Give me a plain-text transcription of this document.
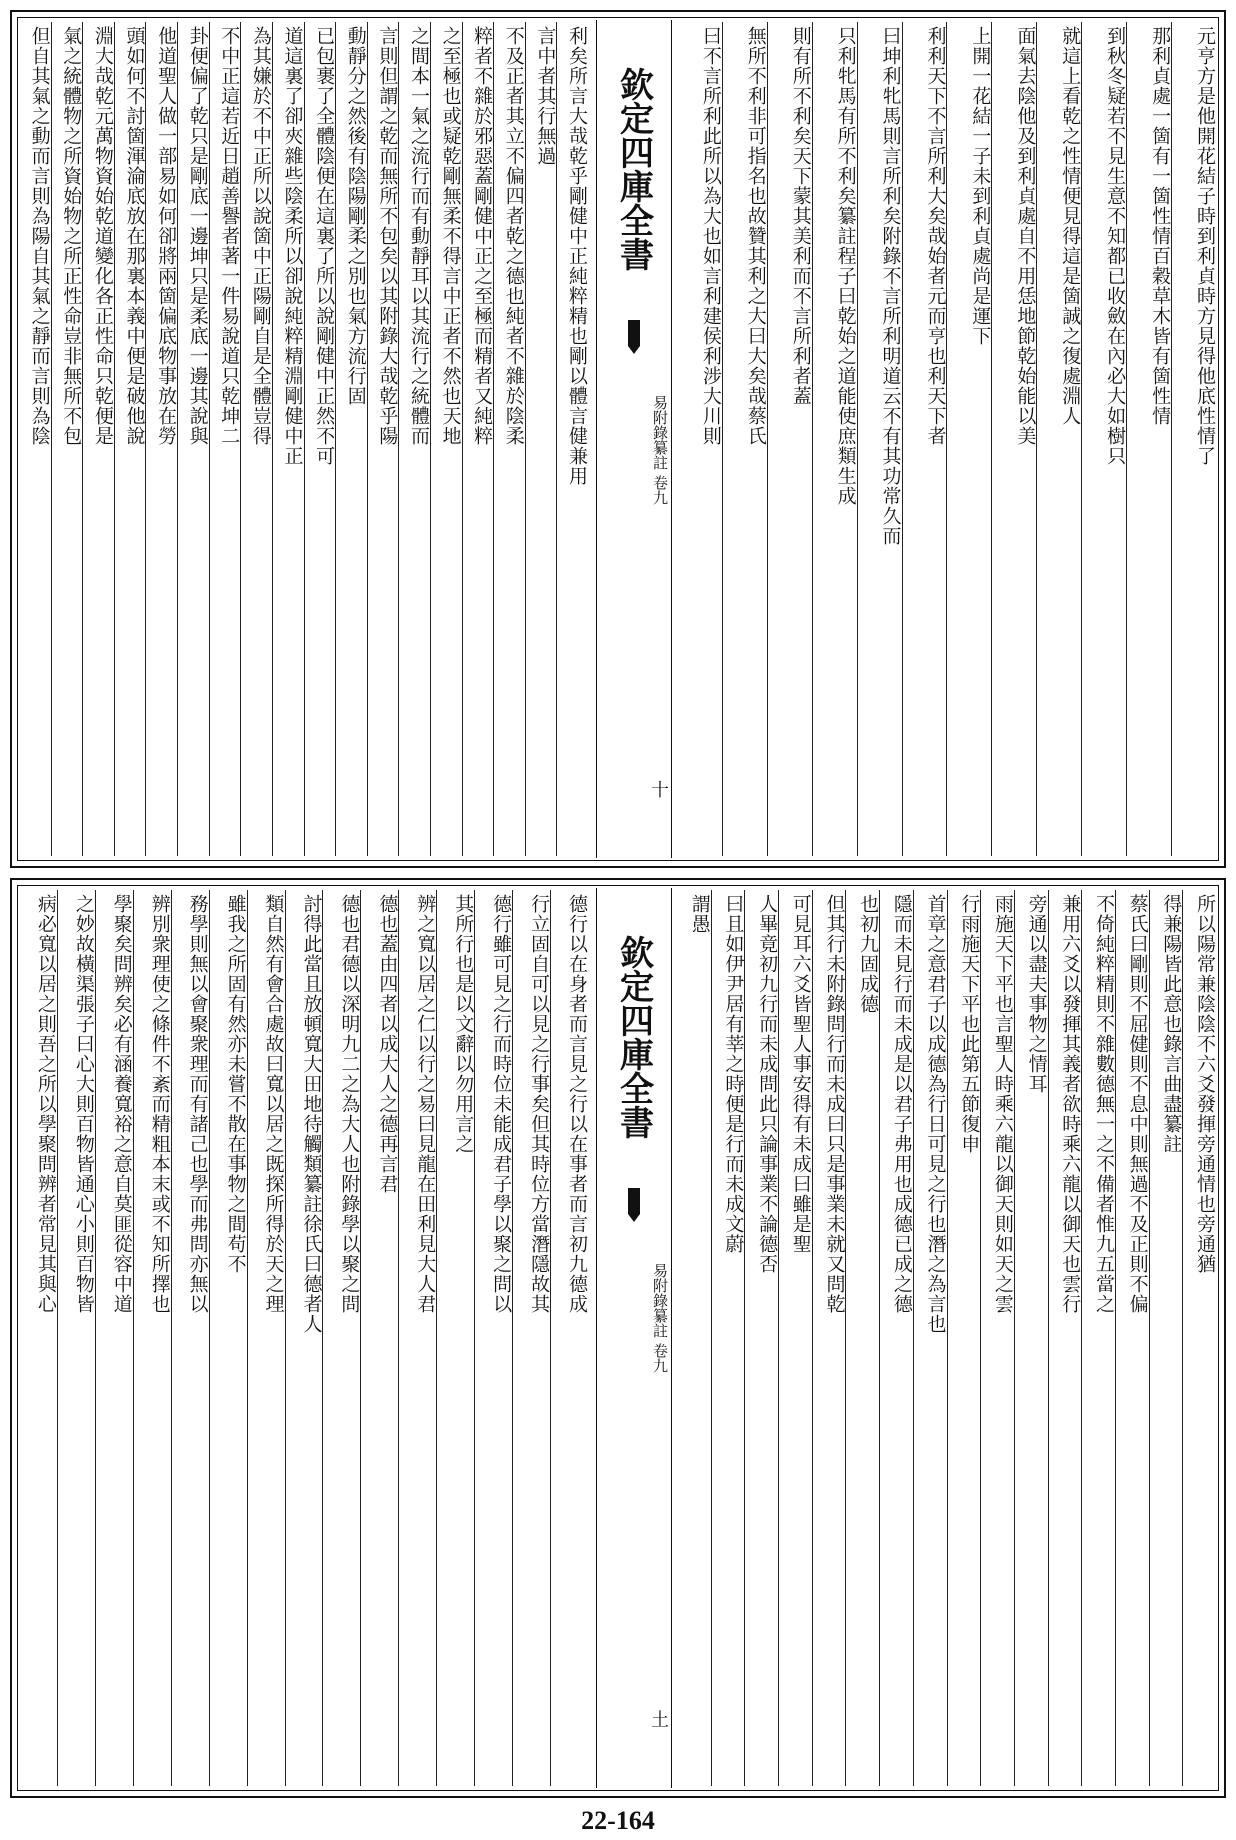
元亨方是他開花結子時到利貞時方見得他底性情了
那利貞處一箇有一箇性情百穀草木皆有箇性情
到秋冬疑若不見生意不知都已收斂在內必大如樹只
就這上看乾之性情便見得這是箇誠之復處淵人
面氣去陰他及到利貞處自不用恁地節乾始能以美
上開一花結一子未到利貞處尚是運下
利利天下不言所利大矣哉始者元而亨也利天下者
曰坤利牝馬則言所利矣附錄不言所利明道云不有其功常久而
只利牝馬有所不利矣纂註程子曰乾始之道能使庶類生成
則有所不利矣天下蒙其美利而不言所利者蓋
無所不利非可指名也故贊其利之大曰大矣哉蔡氏
曰不言所利此所以為大也如言利建侯利涉大川則
欽定四庫全書
易附錄纂註 卷九
十
利矣所言大哉乾乎剛健中正純粹精也剛以體言健兼用
言中者其行無過
不及正者其立不偏四者乾之德也純者不雜於陰柔
粹者不雜於邪惡蓋剛健中正之至極而精者又純粹
之至極也或疑乾剛無柔不得言中正者不然也天地
之間本一氣之流行而有動靜耳以其流行之統體而
言則但謂之乾而無所不包矣以其附錄大哉乾乎陽
動靜分之然後有陰陽剛柔之別也氣方流行固
已包裹了全體陰便在這裏了所以說剛健中正然不可
道這裏了卻夾雜些陰柔所以卻說純粹精淵剛健中正
為其嫌於不中正所以說箇中正陽剛自是全體豈得
不中正這若近日趙善譽者著一件易說道只乾坤二
卦便偏了乾只是剛底一邊坤只是柔底一邊其說與
他道聖人做一部易如何卻將兩箇偏底物事放在勞
頭如何不討箇渾淪底放在那裏本義中便是破他說
淵大哉乾元萬物資始乾道變化各正性命只乾便是
氣之統體物之所資始物之所正性命豈非無所不包
但自其氣之動而言則為陽自其氣之靜而言則為陰
所以陽常兼陰陰不六爻發揮旁通情也旁通猶
得兼陽皆此意也錄言曲盡纂註
蔡氏曰剛則不屈健則不息中則無過不及正則不偏
不倚純粹精則不雜數德無一之不備者惟九五當之
兼用六爻以發揮其義者欲時乘六龍以御天也雲行
旁通以盡夫事物之情耳
雨施天下平也言聖人時乘六龍以御天則如天之雲
行雨施天下平也此第五節復申
首章之意君子以成德為行日可見之行也潛之為言也
隱而未見行而未成是以君子弗用也成德已成之德
也初九固成德
但其行未附錄問行而未成曰只是事業未就又問乾
可見耳六爻皆聖人事安得有未成曰雖是聖
人畢竟初九行而未成問此只論事業不論德否
曰且如伊尹居有莘之時便是行而未成文蔚
謂愚
欽定四庫全書
易附錄纂註 卷九
土
德行以在身者而言見之行以在事者而言初九德成
行立固自可以見之行事矣但其時位方當潛隱故其
德行雖可見之行而時位未能成君子學以聚之問以
其所行也是以文辭以勿用言之
辨之寬以居之仁以行之易曰見龍在田利見大人君
德也蓋由四者以成大人之德再言君
德也君德以深明九二之為大人也附錄學以聚之問
討得此當且放頓寬大田地待觸類纂註徐氏曰德者人
類自然有會合處故曰寬以居之既探所得於天之理
雖我之所固有然亦未嘗不散在事物之間苟不
務學則無以會聚衆理而有諸己也學而弗問亦無以
辨別衆理使之條件不紊而精粗本末或不知所擇也
學聚矣問辨矣必有涵養寬裕之意自莫匪從容中道
之妙故橫渠張子曰心大則百物皆通心小則百物皆
病必寬以居之則吾之所以學聚問辨者常見其與心
22-164
